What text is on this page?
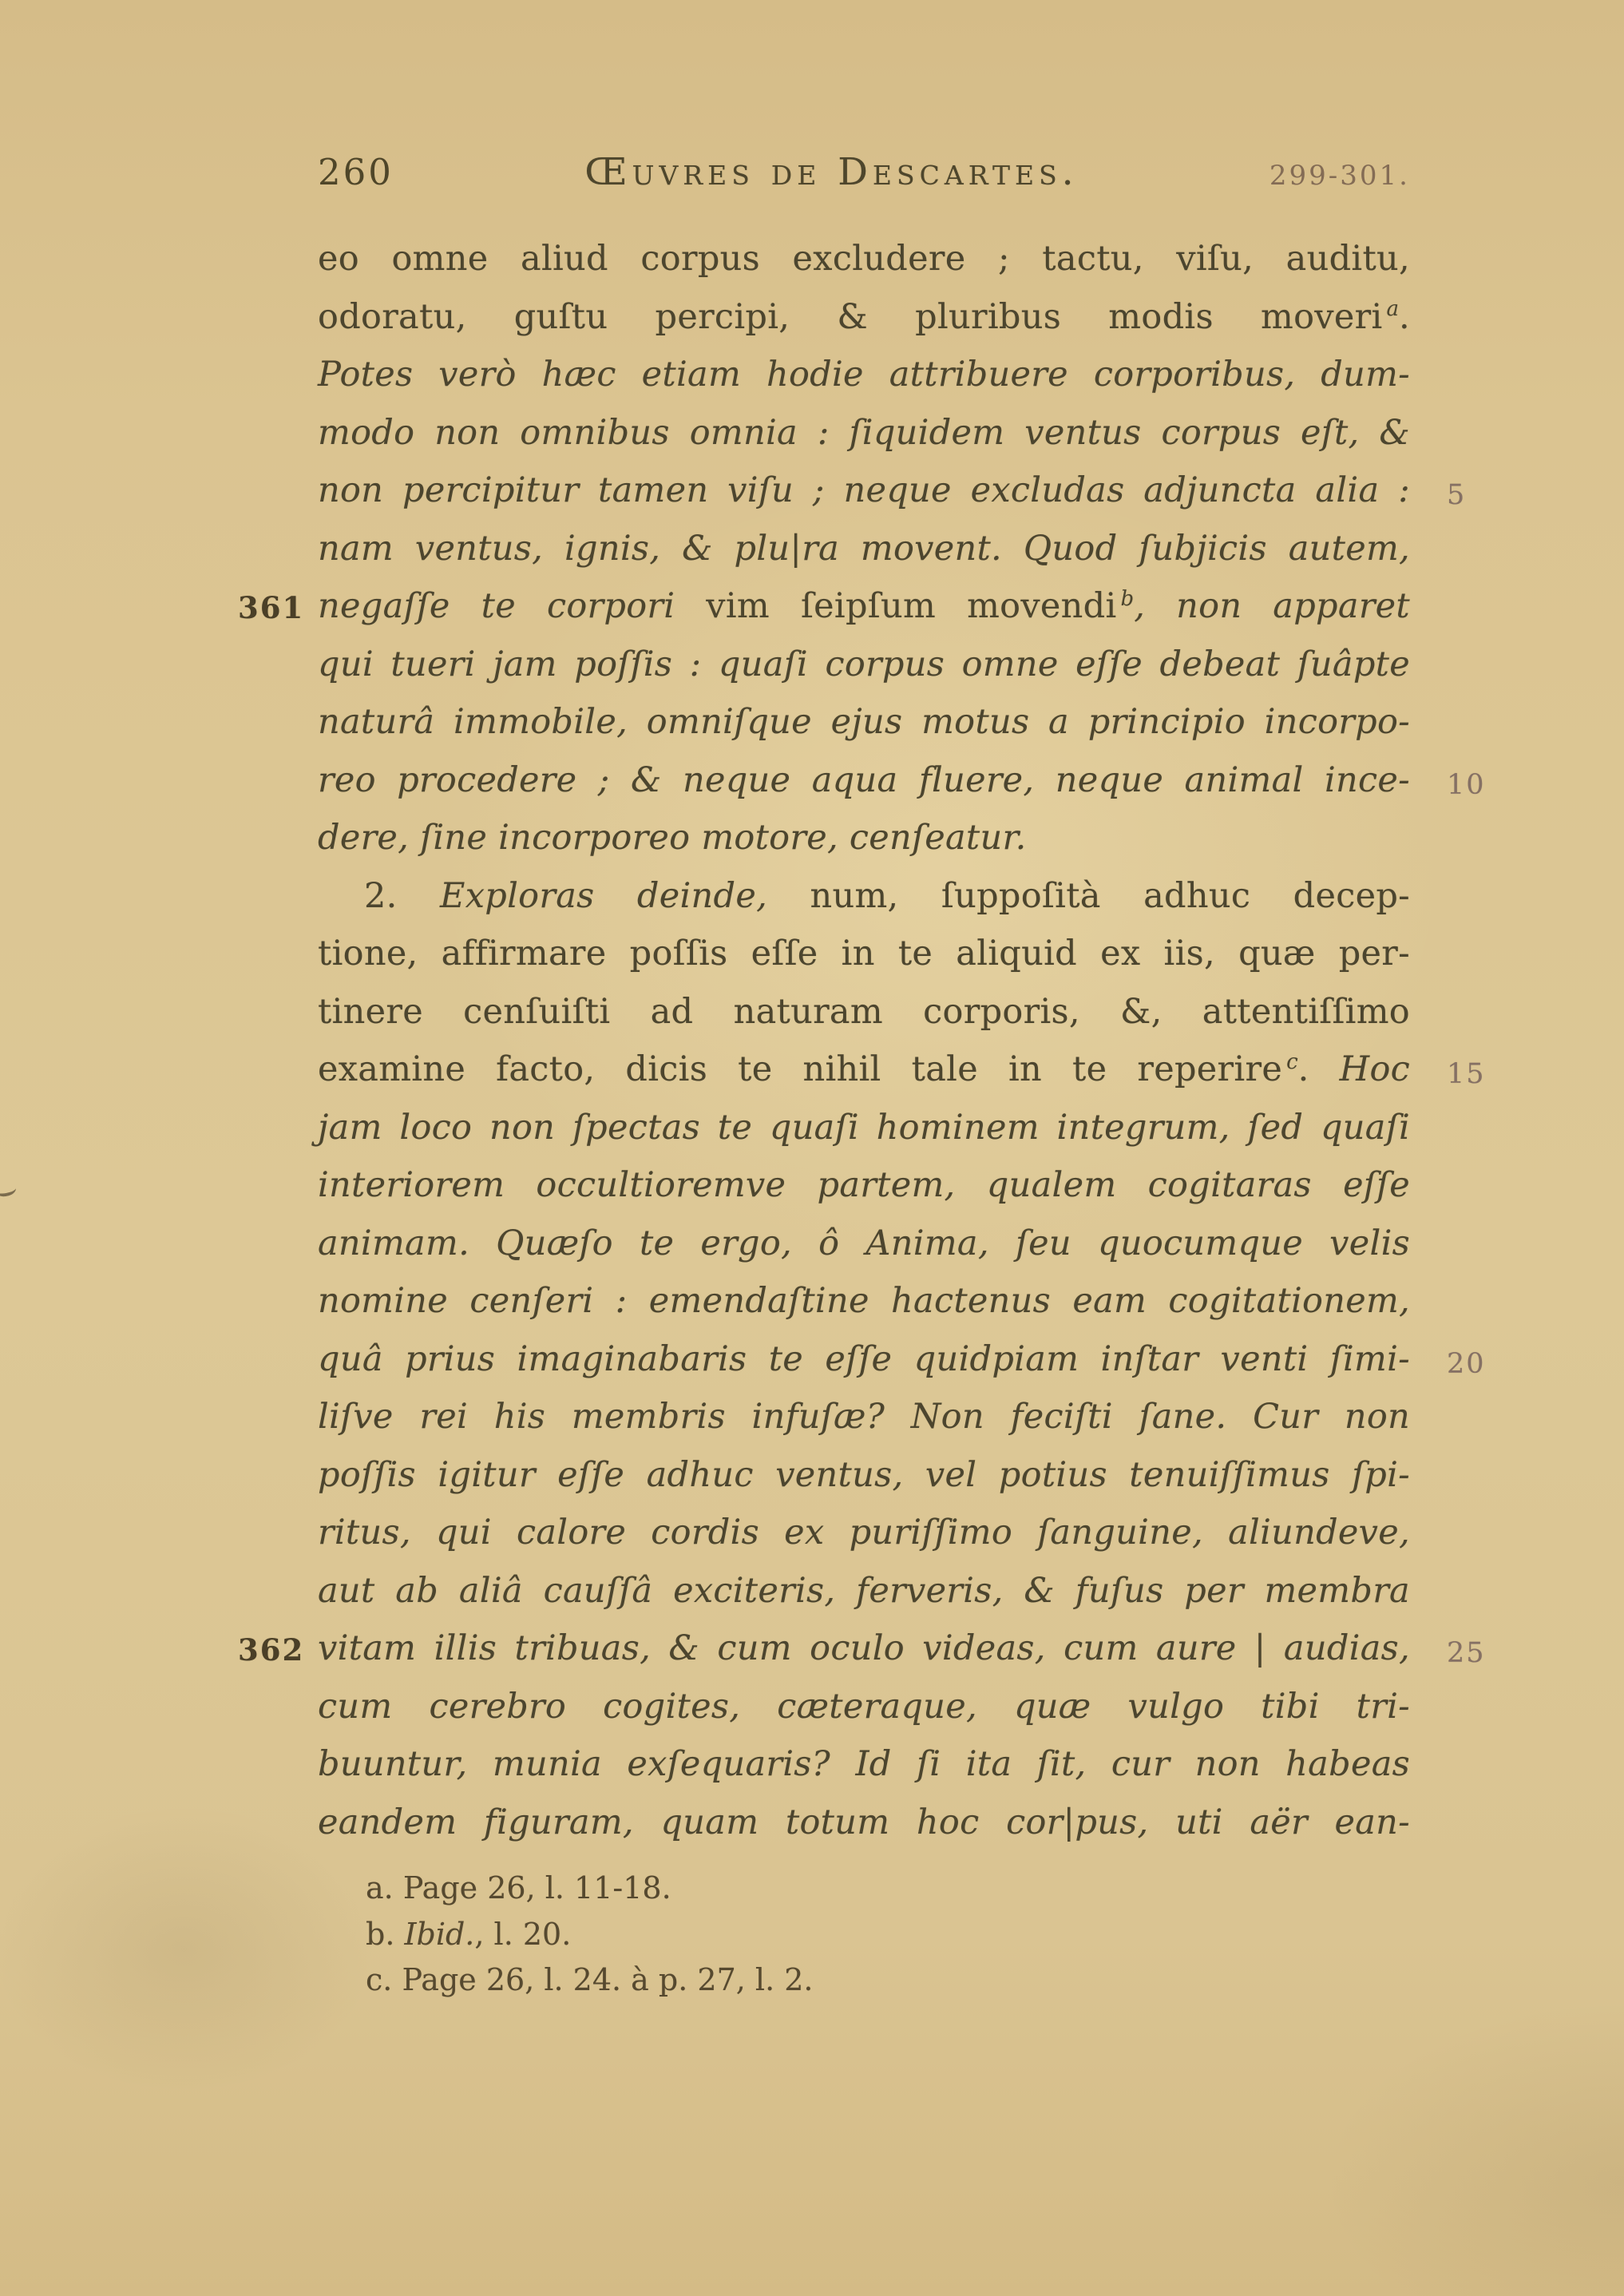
260	Œuvres de Descartes.	299-301.
eo omne aliud corpus excludere ; tactu, viſu, auditu,
odoratu, guſtu percipi, & pluribus modis moveri $^a$.
Potes verò hæc etiam hodie attribuere corporibus, dum-
modo non omnibus omnia : ſiquidem ventus corpus eſt, &
5
non percipitur tamen viſu ; neque excludas adjuncta alia :
nam ventus, ignis, & plu|ra movent. Quod ſubjicis autem,
361 negaſſe te corpori vim ſeipſum movendi $^b$, non apparet
qui tueri jam poſſis : quaſi corpus omne eſſe debeat ſuâpte
naturâ immobile, omniſque ejus motus a principio incorpo-
10
reo procedere ; & neque aqua fluere, neque animal ince-
dere, ſine incorporeo motore, cenſeatur.
2. Exploras deinde, num, ſuppoſità adhuc decep-
tione, affirmare poſſis eſſe in te aliquid ex iis, quæ per-
tinere cenſuiſti ad naturam corporis, &, attentiſſimo
15
examine facto, dicis te nihil tale in te reperire $^c$. Hoc
jam loco non ſpectas te quaſi hominem integrum, ſed quaſi
interiorem occultioremve partem, qualem cogitaras eſſe
animam. Quæſo te ergo, ô Anima, ſeu quocumque velis
nomine cenſeri : emendaſtine hactenus eam cogitationem,
20
quâ prius imaginabaris te eſſe quidpiam inſtar venti ſimi-
liſve rei his membris infuſæ? Non feciſti ſane. Cur non
poſſis igitur eſſe adhuc ventus, vel potius tenuiſſimus ſpi-
ritus, qui calore cordis ex puriſſimo ſanguine, aliundeve,
aut ab aliâ cauſſâ exciteris, ferveris, & fuſus per membra
362	25
vitam illis tribuas, & cum oculo videas, cum aure | audias,
cum cerebro cogites, cæteraque, quæ vulgo tibi tri-
buuntur, munia exſequaris? Id ſi ita ſit, cur non habeas
eandem figuram, quam totum hoc cor|pus, uti aër ean-
a. Page 26, l. 11-18.
b. Ibid., l. 20.
c. Page 26, l. 24. à p. 27, l. 2.
